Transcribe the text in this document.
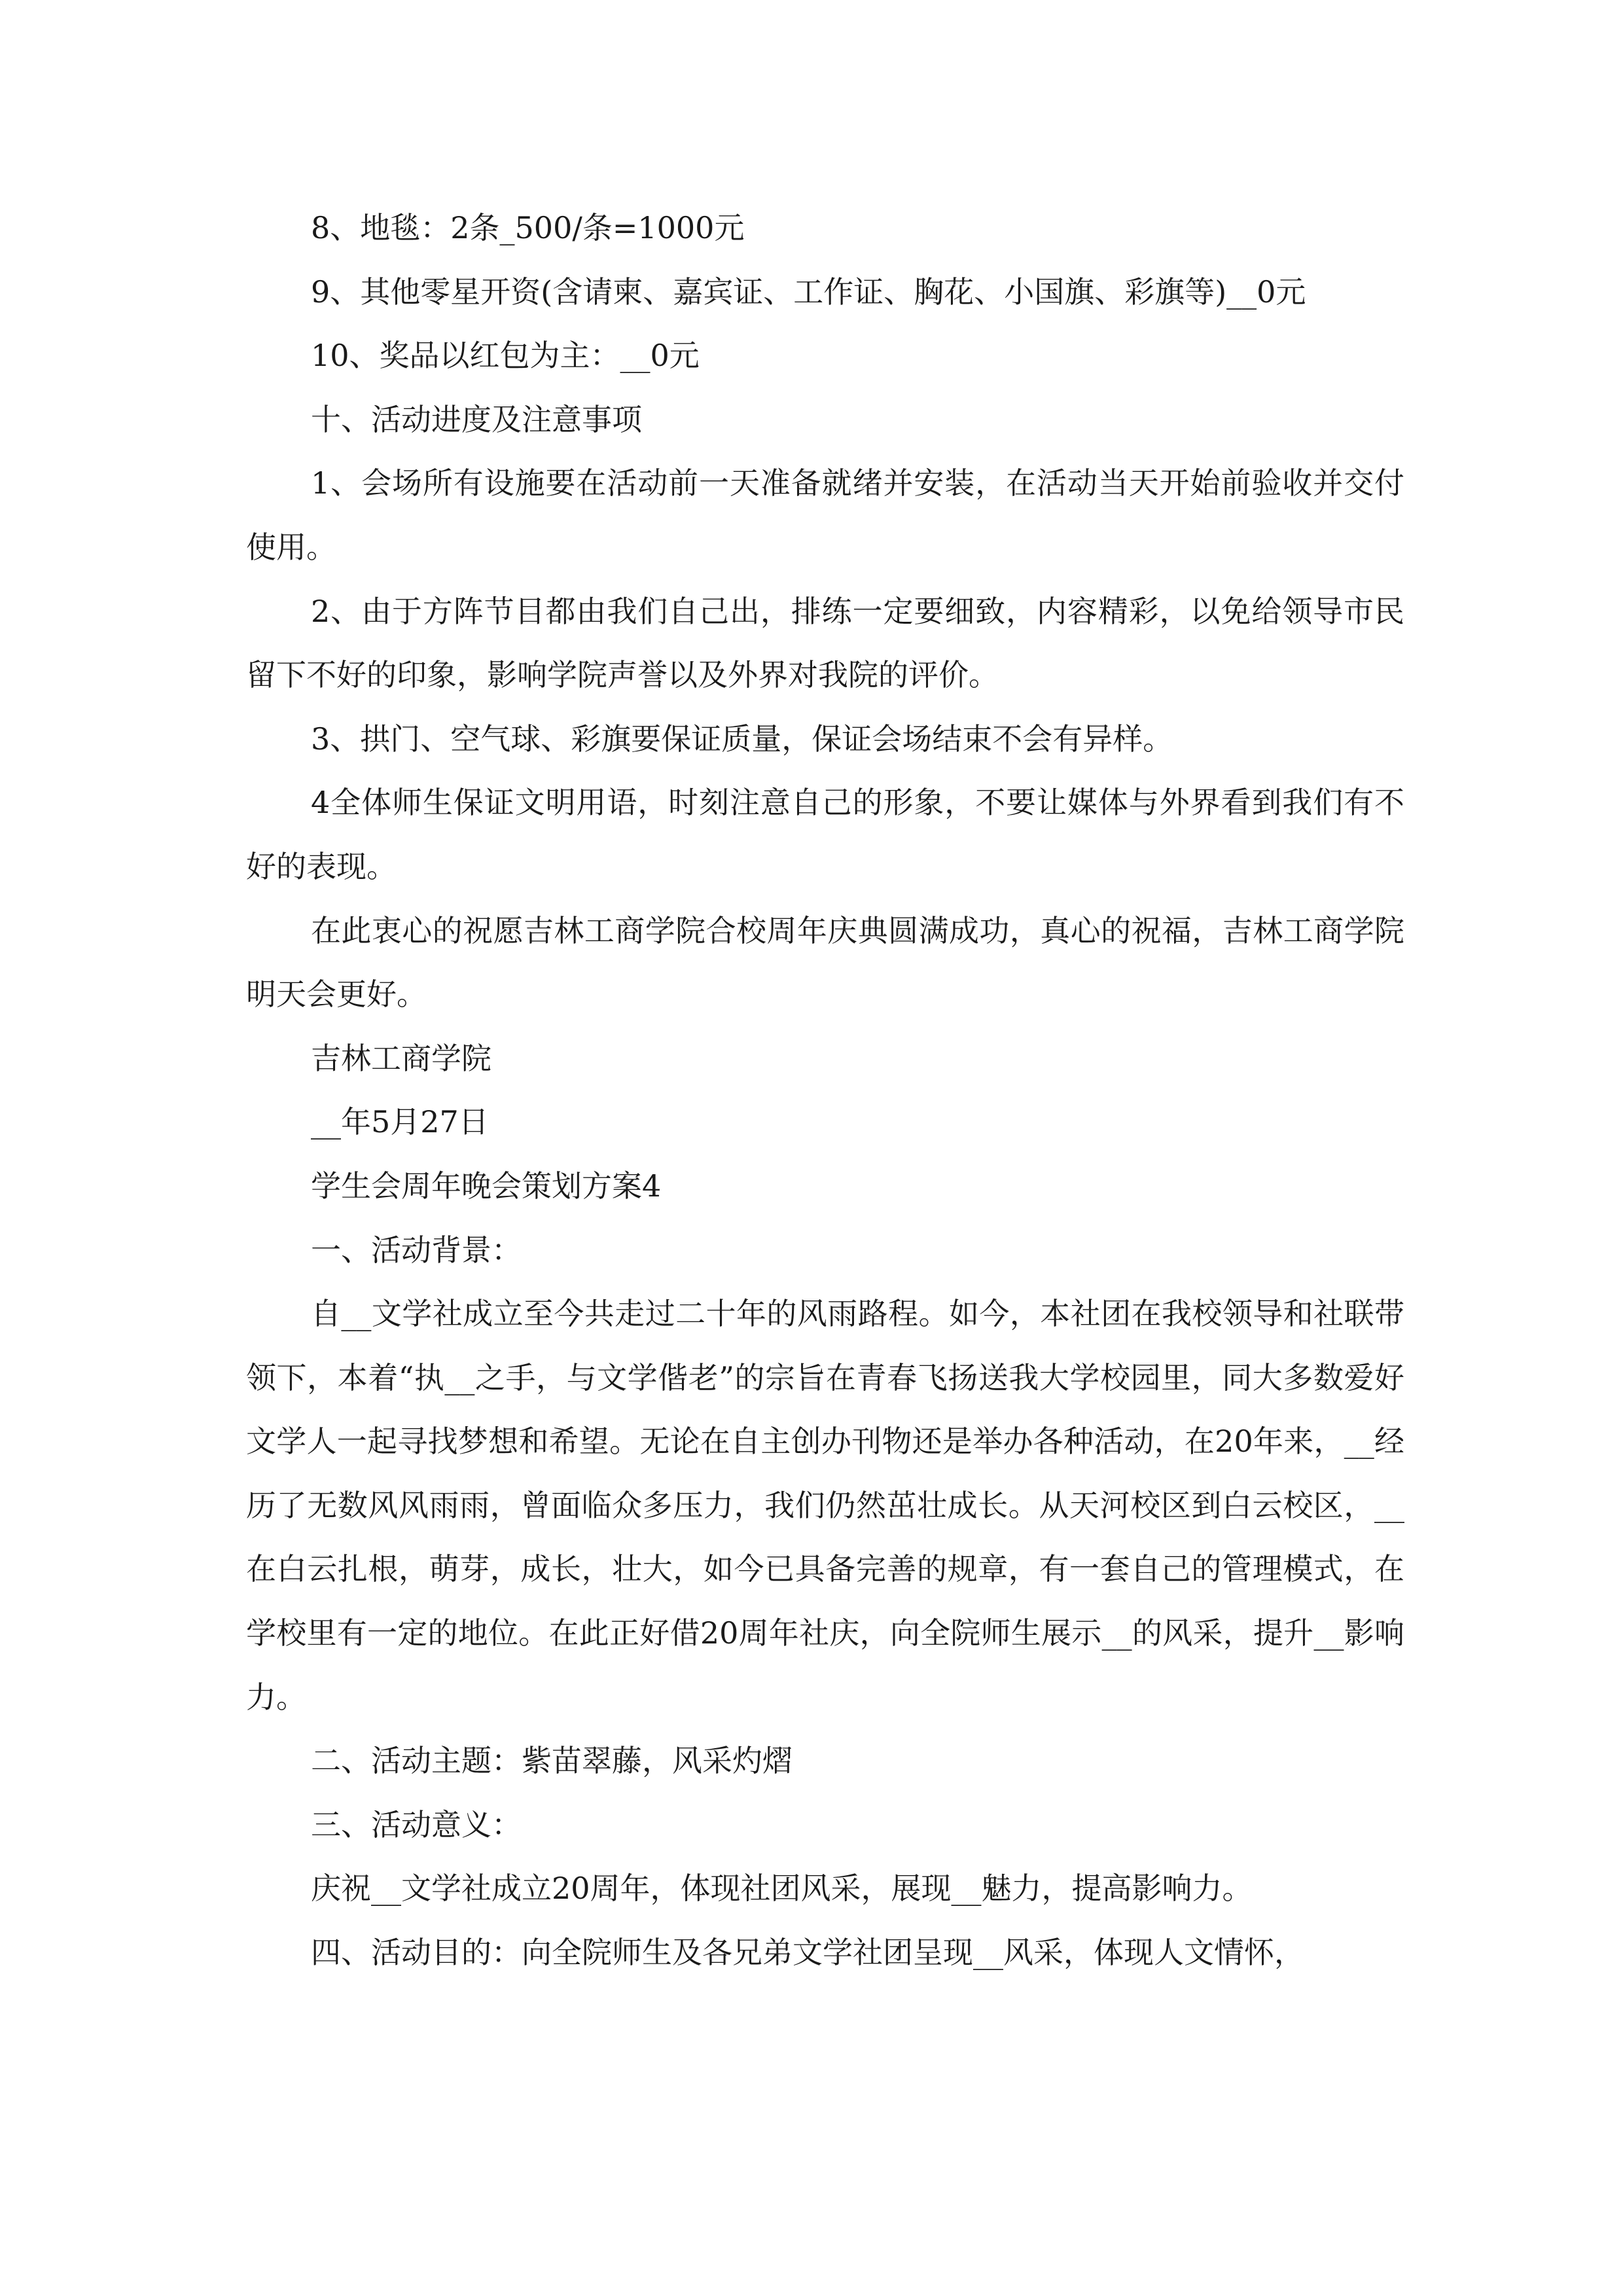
8、地毯：2条_500/条=1000元

9、其他零星开资(含请柬、嘉宾证、工作证、胸花、小国旗、彩旗等)__0元

10、奖品以红包为主：__0元

十、活动进度及注意事项

1、会场所有设施要在活动前一天准备就绪并安装，在活动当天开始前验收并交付使用。

2、由于方阵节目都由我们自己出，排练一定要细致，内容精彩，以免给领导市民留下不好的印象，影响学院声誉以及外界对我院的评价。

3、拱门、空气球、彩旗要保证质量，保证会场结束不会有异样。

4全体师生保证文明用语，时刻注意自己的形象，不要让媒体与外界看到我们有不好的表现。

在此衷心的祝愿吉林工商学院合校周年庆典圆满成功，真心的祝福，吉林工商学院明天会更好。

吉林工商学院

__年5月27日

学生会周年晚会策划方案4

一、活动背景：

自__文学社成立至今共走过二十年的风雨路程。如今，本社团在我校领导和社联带领下，本着“执__之手，与文学偕老”的宗旨在青春飞扬送我大学校园里，同大多数爱好文学人一起寻找梦想和希望。无论在自主创办刊物还是举办各种活动，在20年来，__经历了无数风风雨雨，曾面临众多压力，我们仍然茁壮成长。从天河校区到白云校区，__在白云扎根，萌芽，成长，壮大，如今已具备完善的规章，有一套自己的管理模式，在学校里有一定的地位。在此正好借20周年社庆，向全院师生展示__的风采，提升__影响力。

二、活动主题：紫苗翠藤，风采灼熠

三、活动意义：

庆祝__文学社成立20周年，体现社团风采，展现__魅力，提高影响力。

四、活动目的：向全院师生及各兄弟文学社团呈现__风采，体现人文情怀，
